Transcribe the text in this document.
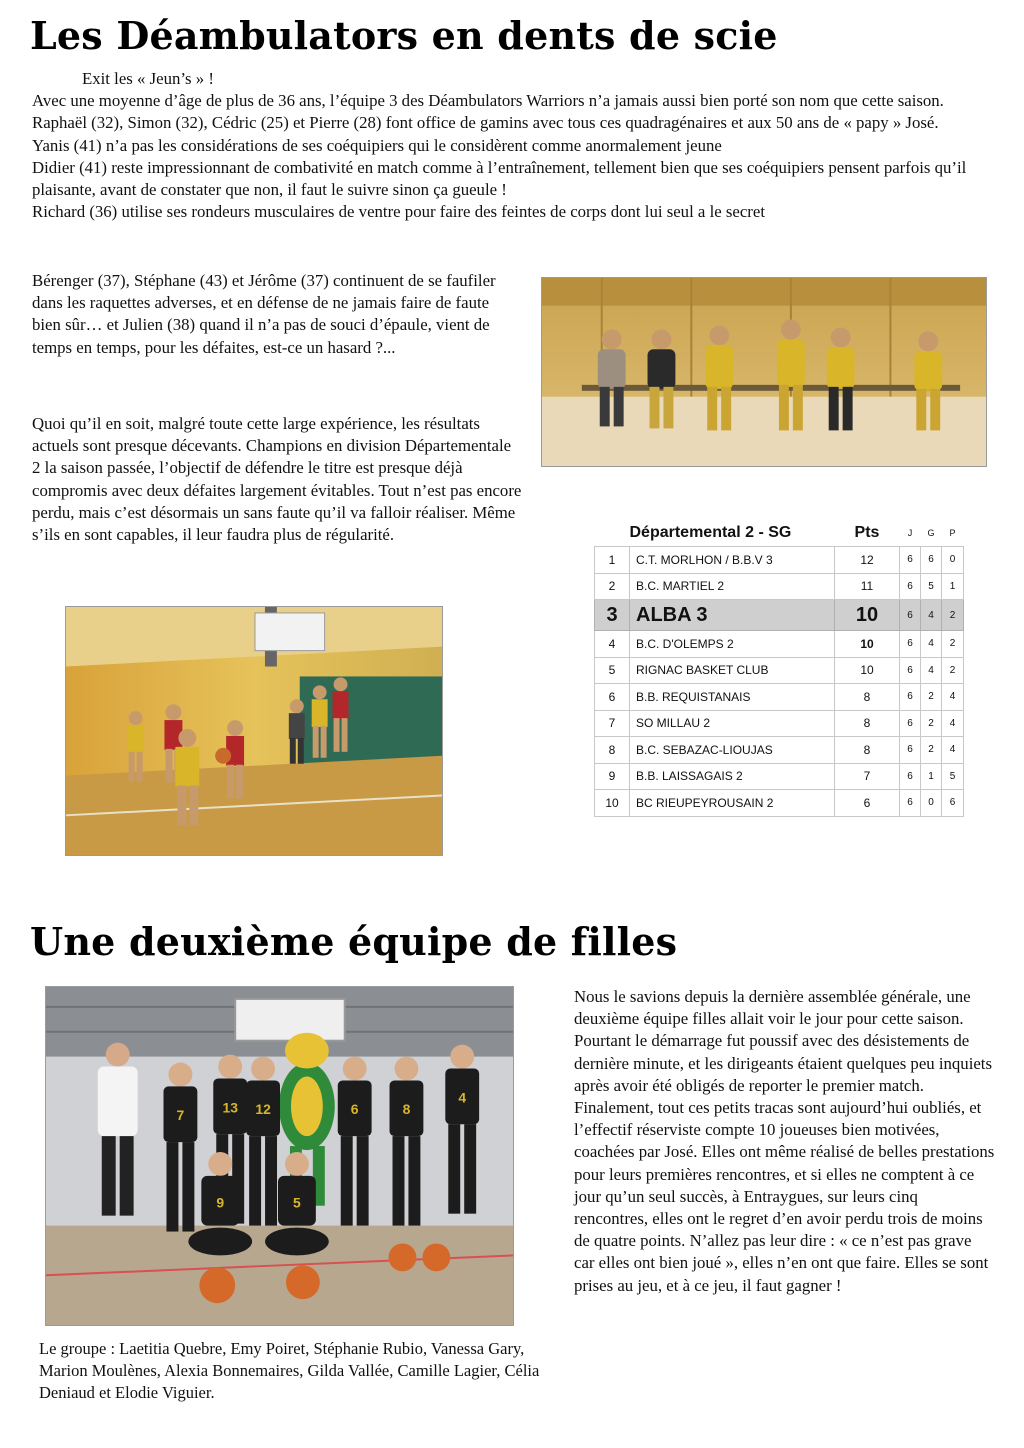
Les Déambulators en dents de scie

Exit les « Jeun’s » !

Avec une moyenne d’âge de plus de 36 ans, l’équipe 3 des Déambulators Warriors n’a jamais aussi bien porté son nom que cette saison. Raphaël (32), Simon (32), Cédric (25) et Pierre (28) font office de gamins avec tous ces quadragénaires et aux 50 ans de « papy » José.

Yanis (41) n’a pas les considérations de ses coéquipiers qui le considèrent comme anormalement jeune

Didier (41) reste impressionnant de combativité en match comme à l’entraînement, tellement bien que ses coéquipiers pensent parfois qu’il plaisante, avant de constater que non, il faut le suivre sinon ça gueule !

Richard (36) utilise ses rondeurs musculaires de ventre pour faire des feintes de corps dont lui seul a le secret

Bérenger (37), Stéphane (43) et Jérôme (37) continuent de se faufiler dans les raquettes adverses, et en défense de ne jamais faire de faute bien sûr… et Julien (38) quand il n’a pas de souci d’épaule, vient de temps en temps, pour les défaites, est-ce un hasard ?...

Quoi qu’il en soit, malgré toute cette large expérience, les résultats actuels sont presque décevants. Champions en division Départementale 2 la saison passée, l’objectif de défendre le titre est presque déjà compromis avec deux défaites largement évitables. Tout n’est pas encore perdu, mais c’est désormais un sans faute qu’il va falloir réaliser. Même s’ils en sont capables, il leur faudra plus de régularité.

		Départemental 2 - SG	Pts	J	G	P
1	C.T. MORLHON / B.B.V 3	12	6	6	0
2	B.C. MARTIEL 2	11	6	5	1
3	ALBA 3	10	6	4	2
4	B.C. D'OLEMPS 2	10	6	4	2
5	RIGNAC BASKET CLUB	10	6	4	2
6	B.B. REQUISTANAIS	8	6	2	4
7	SO MILLAU 2	8	6	2	4
8	B.C. SEBAZAC-LIOUJAS	8	6	2	4
9	B.B. LAISSAGAIS 2	7	6	1	5
10	BC RIEUPEYROUSAIN 2	6	6	0	6
Une deuxième équipe de filles
7	13 12	6	8
4
9	5

Le groupe : Laetitia Quebre, Emy Poiret, Stéphanie Rubio, Vanessa Gary, Marion Moulènes, Alexia Bonnemaires, Gilda Vallée, Camille Lagier, Célia Deniaud et Elodie Viguier.

Nous le savions depuis la dernière assemblée générale, une deuxième équipe filles allait voir le jour pour cette saison. Pourtant le démarrage fut poussif avec des désistements de dernière minute, et les dirigeants étaient quelques peu inquiets après avoir été obligés de reporter le premier match.

Finalement, tout ces petits tracas sont aujourd’hui oubliés, et l’effectif réserviste compte 10 joueuses bien motivées, coachées par José. Elles ont même réalisé de belles prestations pour leurs premières rencontres, et si elles ne comptent à ce jour qu’un seul succès, à Entraygues, sur leurs cinq rencontres, elles ont le regret d’en avoir perdu trois de moins de quatre points. N’allez pas leur dire : « ce n’est pas grave car elles ont bien joué », elles n’en ont que faire. Elles se sont prises au jeu, et à ce jeu, il faut gagner !
